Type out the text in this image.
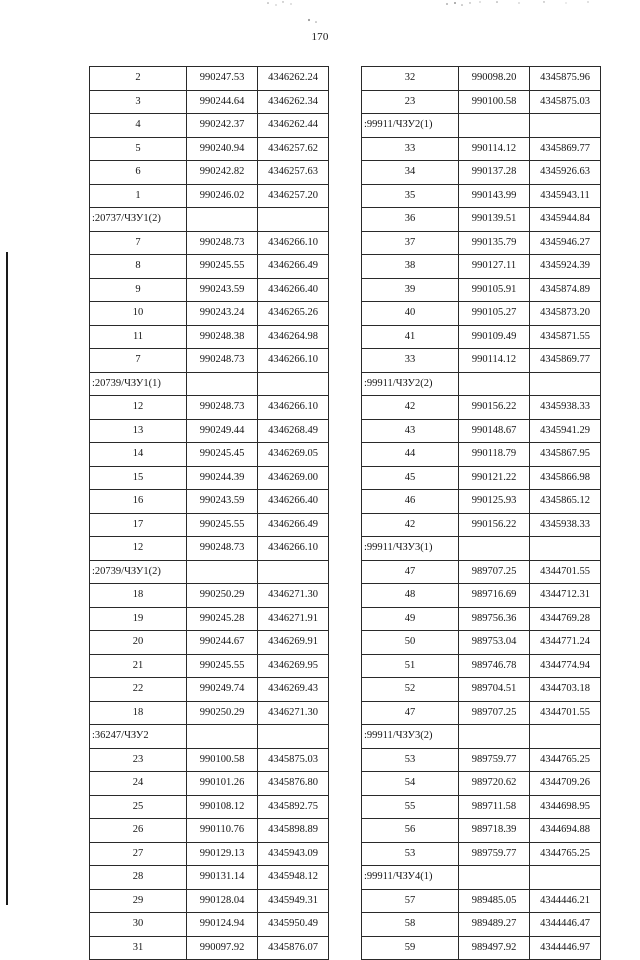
170
2	990247.53	4346262.24
3	990244.64	4346262.34
4	990242.37	4346262.44
5	990240.94	4346257.62
6	990242.82	4346257.63
1	990246.02	4346257.20
:20737/ЧЗУ1(2)		
7	990248.73	4346266.10
8	990245.55	4346266.49
9	990243.59	4346266.40
10	990243.24	4346265.26
11	990248.38	4346264.98
7	990248.73	4346266.10
:20739/ЧЗУ1(1)		
12	990248.73	4346266.10
13	990249.44	4346268.49
14	990245.45	4346269.05
15	990244.39	4346269.00
16	990243.59	4346266.40
17	990245.55	4346266.49
12	990248.73	4346266.10
:20739/ЧЗУ1(2)		
18	990250.29	4346271.30
19	990245.28	4346271.91
20	990244.67	4346269.91
21	990245.55	4346269.95
22	990249.74	4346269.43
18	990250.29	4346271.30
:36247/ЧЗУ2		
23	990100.58	4345875.03
24	990101.26	4345876.80
25	990108.12	4345892.75
26	990110.76	4345898.89
27	990129.13	4345943.09
28	990131.14	4345948.12
29	990128.04	4345949.31
30	990124.94	4345950.49
31	990097.92	4345876.07
32	990098.20	4345875.96
23	990100.58	4345875.03
:99911/ЧЗУ2(1)		
33	990114.12	4345869.77
34	990137.28	4345926.63
35	990143.99	4345943.11
36	990139.51	4345944.84
37	990135.79	4345946.27
38	990127.11	4345924.39
39	990105.91	4345874.89
40	990105.27	4345873.20
41	990109.49	4345871.55
33	990114.12	4345869.77
:99911/ЧЗУ2(2)		
42	990156.22	4345938.33
43	990148.67	4345941.29
44	990118.79	4345867.95
45	990121.22	4345866.98
46	990125.93	4345865.12
42	990156.22	4345938.33
:99911/ЧЗУ3(1)		
47	989707.25	4344701.55
48	989716.69	4344712.31
49	989756.36	4344769.28
50	989753.04	4344771.24
51	989746.78	4344774.94
52	989704.51	4344703.18
47	989707.25	4344701.55
:99911/ЧЗУ3(2)		
53	989759.77	4344765.25
54	989720.62	4344709.26
55	989711.58	4344698.95
56	989718.39	4344694.88
53	989759.77	4344765.25
:99911/ЧЗУ4(1)		
57	989485.05	4344446.21
58	989489.27	4344446.47
59	989497.92	4344446.97
